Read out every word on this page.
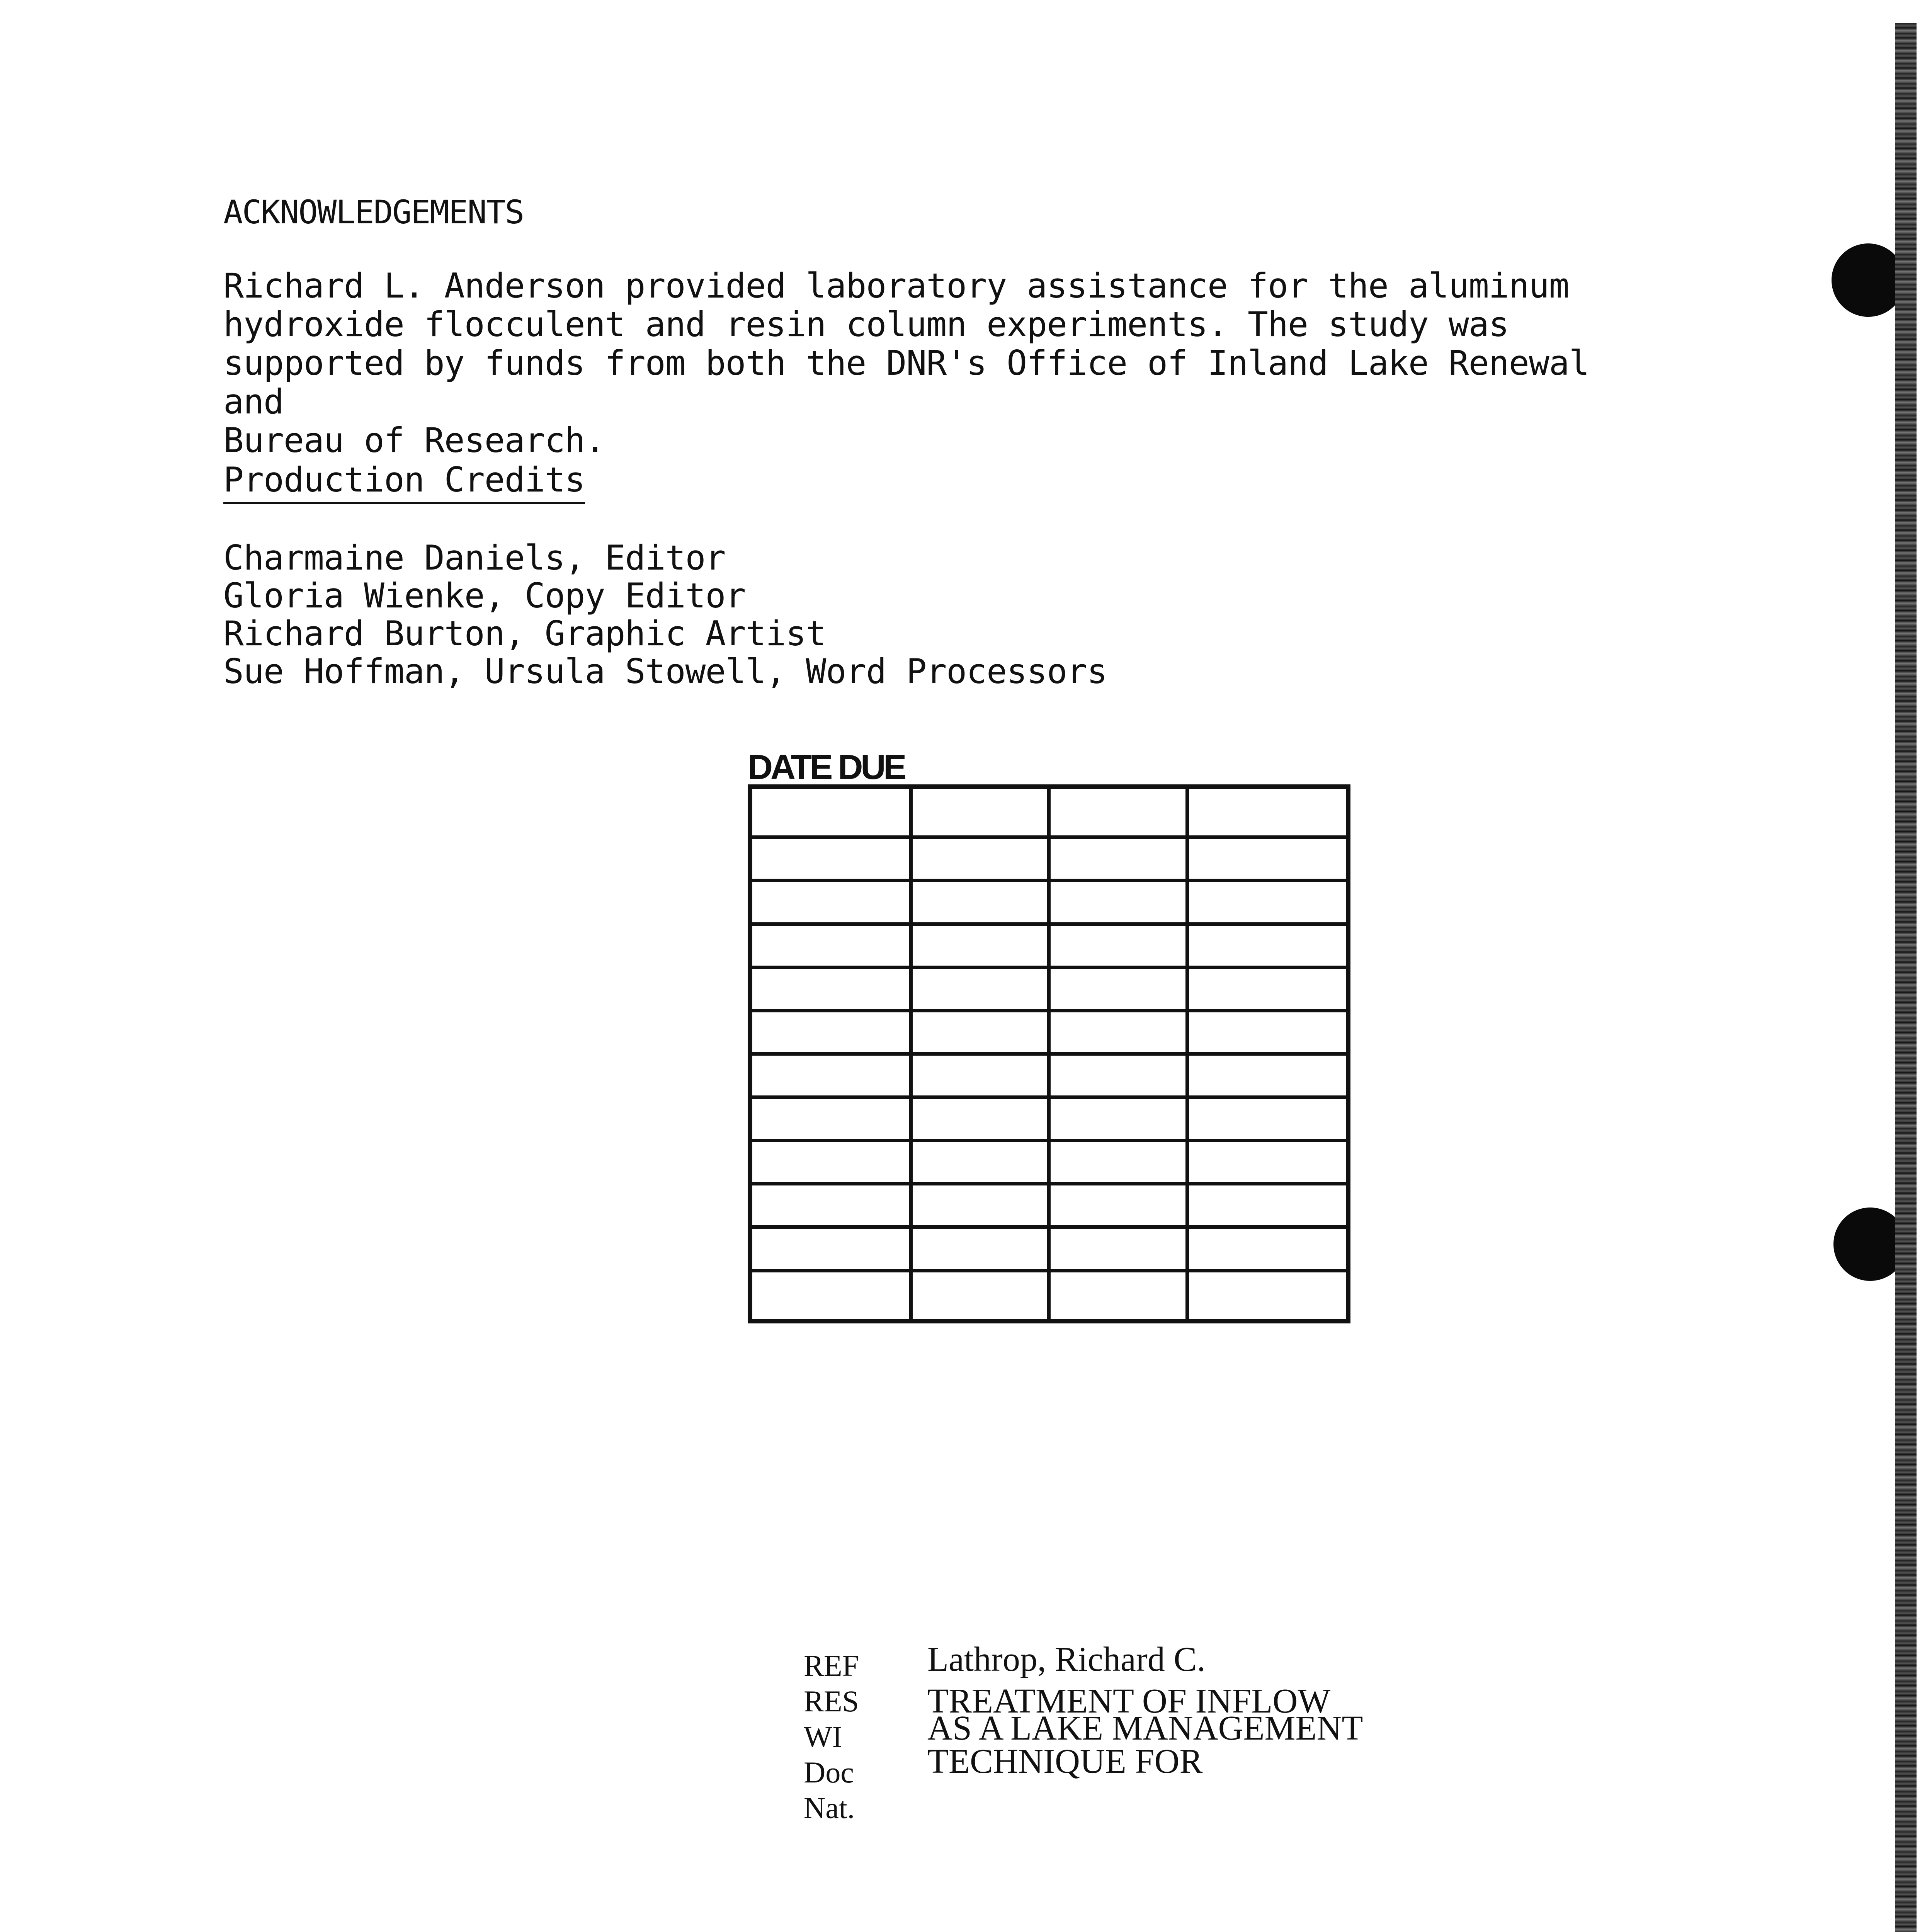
ACKNOWLEDGEMENTS
Richard L. Anderson provided laboratory assistance for the aluminum
hydroxide flocculent and resin column experiments. The study was
supported by funds from both the DNR's Office of Inland Lake Renewal and
Bureau of Research.
Production Credits
Charmaine Daniels, Editor
Gloria Wienke, Copy Editor
Richard Burton, Graphic Artist
Sue Hoffman, Ursula Stowell, Word Processors
DATE DUE

REF
RES
WI
Doc
Nat.
Lathrop, Richard C.
TREATMENT OF INFLOW
AS A LAKE MANAGEMENT
TECHNIQUE FOR
